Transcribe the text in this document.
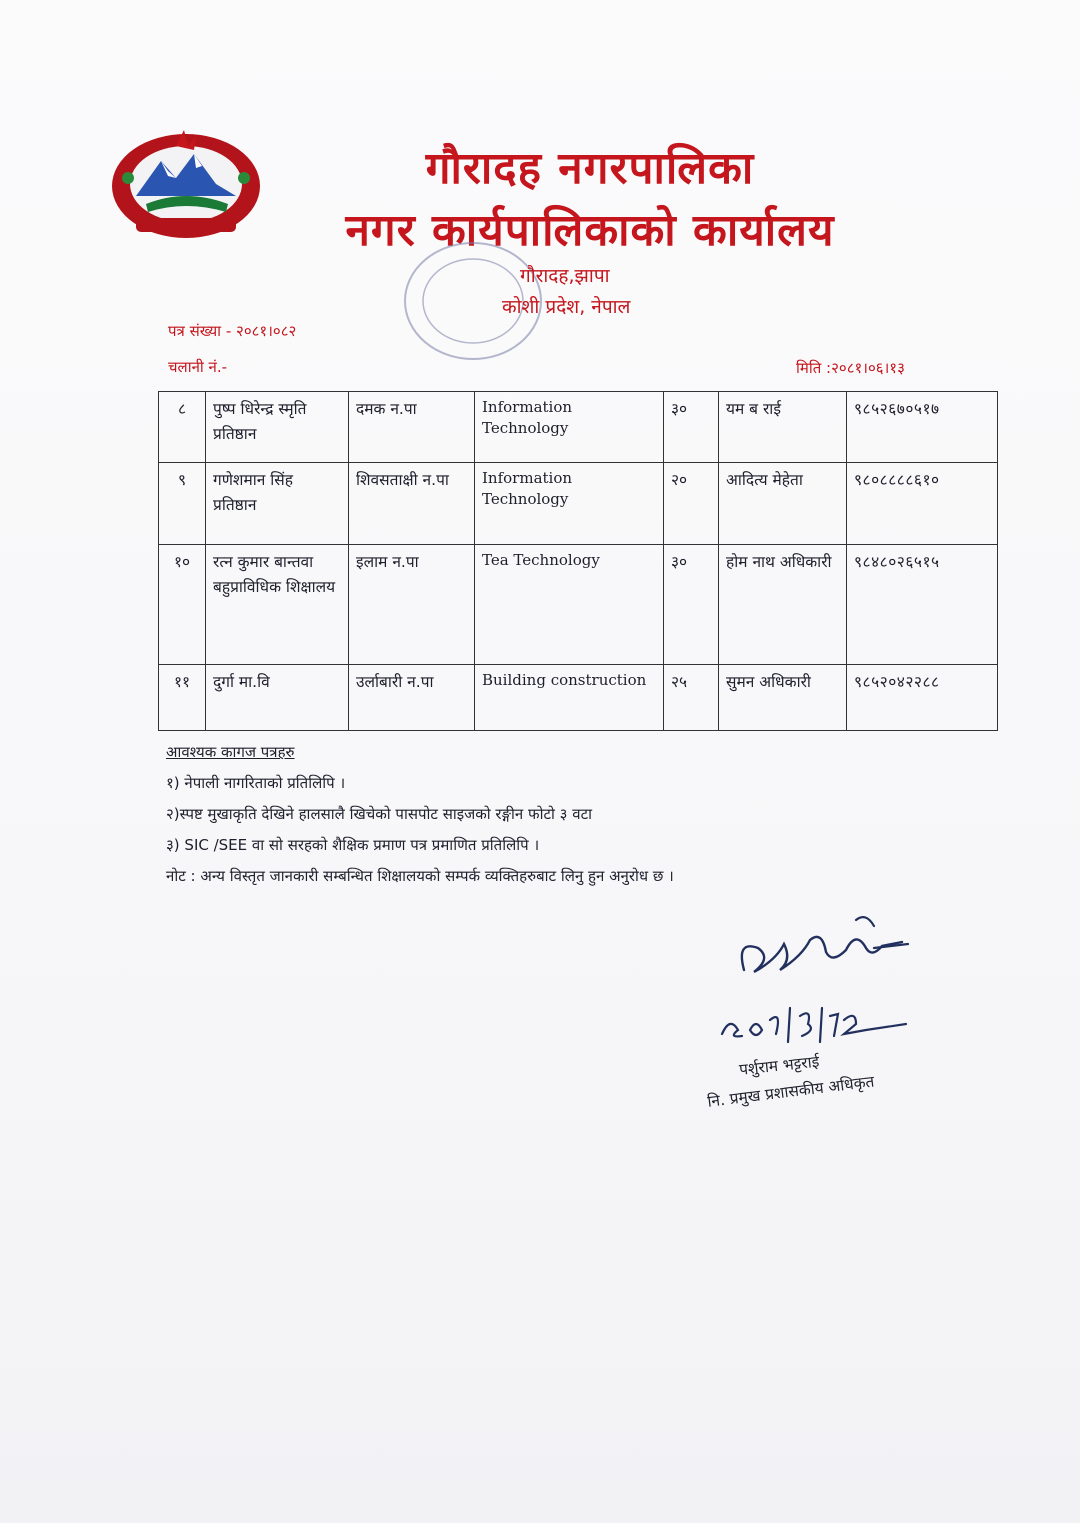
गौरादह नगरपालिका
नगर कार्यपालिकाको कार्यालय
गौरादह,झापा
कोशी प्रदेश, नेपाल
पत्र संख्या - २०८१।०८२
चलानी नं.-	मिति :२०८१।०६।१३
८	पुष्प धिरेन्द्र स्मृति प्रतिष्ठान	दमक न.पा	Information Technology	३०	यम ब राई	९८५२६७०५१७
९	गणेशमान सिंह प्रतिष्ठान	शिवसताक्षी न.पा	Information Technology	२०	आदित्य मेहेता	९८०८८८८६१०
१०	रत्न कुमार बान्तवा बहुप्राविधिक शिक्षालय	इलाम न.पा	Tea Technology	३०	होम नाथ अधिकारी	९८४८०२६५१५
११	दुर्गा मा.वि	उर्लाबारी न.पा	Building construction	२५	सुमन अधिकारी	९८५२०४२२८८
आवश्यक कागज पत्रहरु
१) नेपाली नागरिताको प्रतिलिपि ।
२)स्पष्ट मुखाकृति देखिने हालसालै खिचेको पासपोट साइजको रङ्गीन फोटो ३ वटा
३) SIC /SEE वा सो सरहको शैक्षिक प्रमाण पत्र प्रमाणित प्रतिलिपि ।
नोट : अन्य विस्तृत जानकारी सम्बन्धित शिक्षालयको सम्पर्क व्यक्तिहरुबाट लिनु हुन अनुरोध छ ।
पर्शुराम भट्टराई
नि. प्रमुख प्रशासकीय अधिकृत
